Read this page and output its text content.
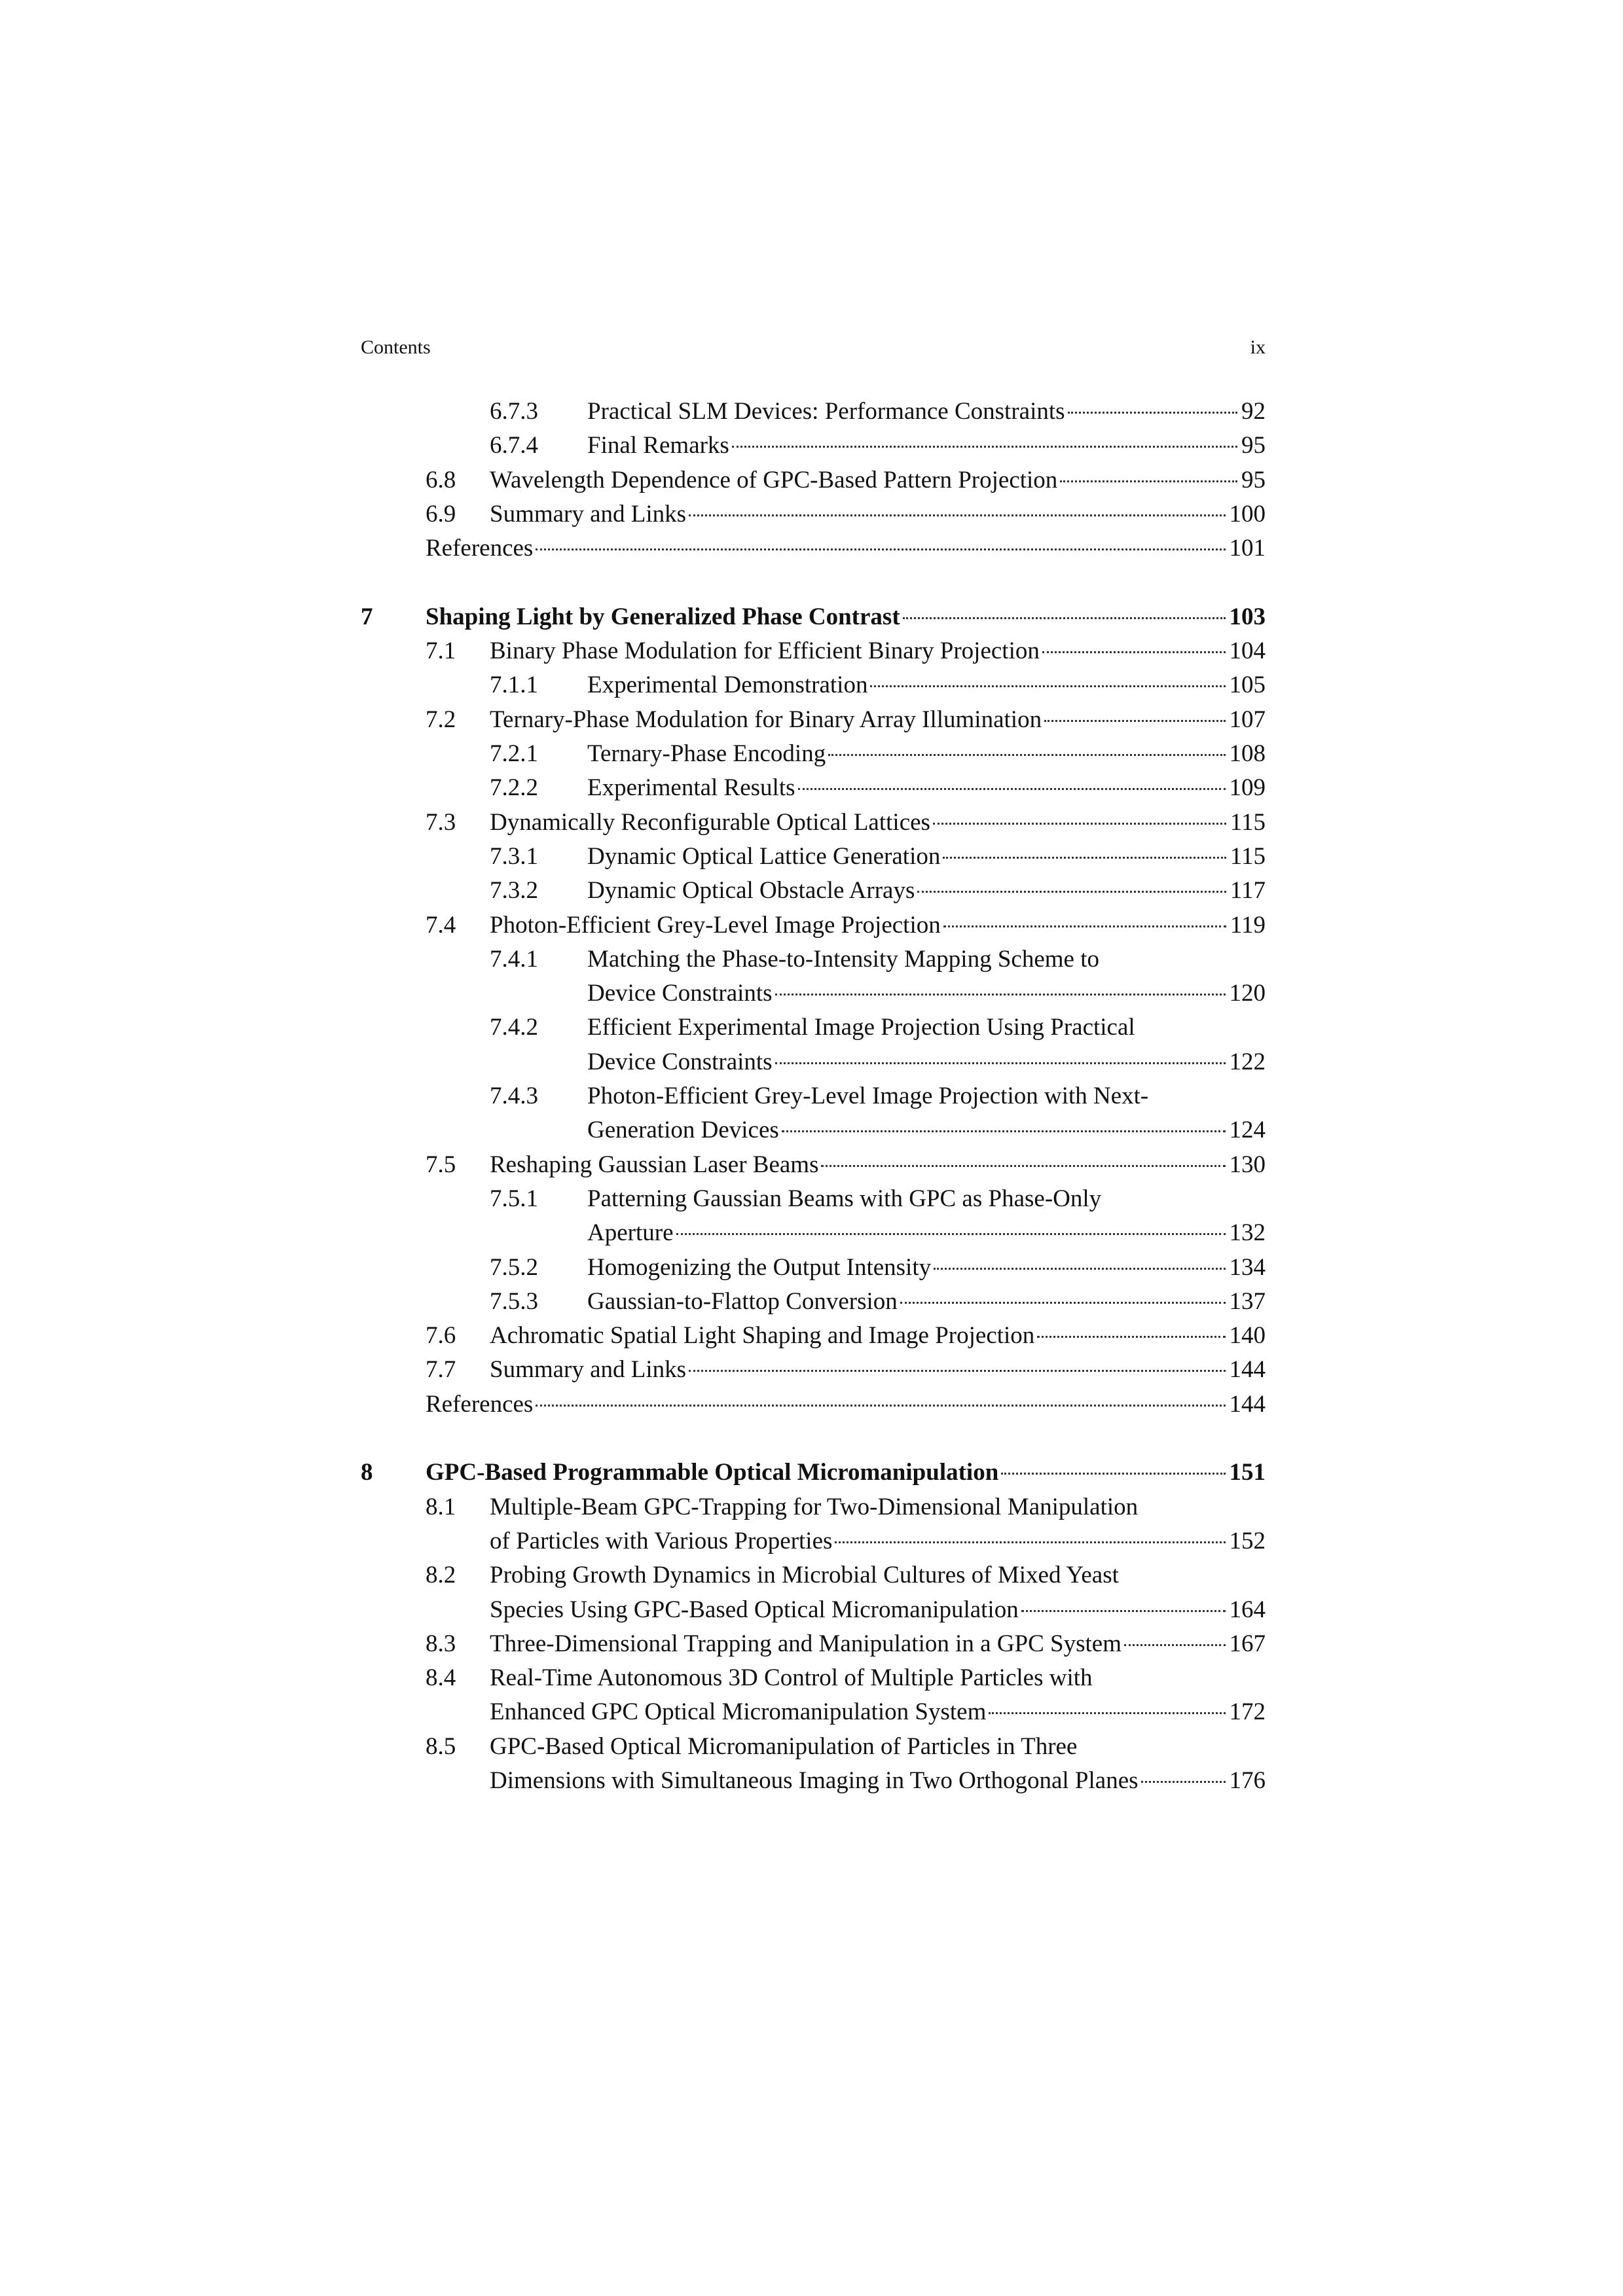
Contents	ix
6.7.3 Practical SLM Devices: Performance Constraints	92
6.7.4 Final Remarks	95
6.8 Wavelength Dependence of GPC-Based Pattern Projection	95
6.9 Summary and Links	100
References	101
7 Shaping Light by Generalized Phase Contrast	103
7.1 Binary Phase Modulation for Efficient Binary Projection	104
7.1.1 Experimental Demonstration	105
7.2 Ternary-Phase Modulation for Binary Array Illumination	107
7.2.1 Ternary-Phase Encoding	108
7.2.2 Experimental Results	109
7.3 Dynamically Reconfigurable Optical Lattices	115
7.3.1 Dynamic Optical Lattice Generation	115
7.3.2 Dynamic Optical Obstacle Arrays	117
7.4 Photon-Efficient Grey-Level Image Projection	119
7.4.1 Matching the Phase-to-Intensity Mapping Scheme to
Device Constraints	120
7.4.2 Efficient Experimental Image Projection Using Practical
Device Constraints	122
7.4.3 Photon-Efficient Grey-Level Image Projection with Next-
Generation Devices	124
7.5 Reshaping Gaussian Laser Beams	130
7.5.1 Patterning Gaussian Beams with GPC as Phase-Only
Aperture	132
7.5.2 Homogenizing the Output Intensity	134
7.5.3 Gaussian-to-Flattop Conversion	137
7.6 Achromatic Spatial Light Shaping and Image Projection	140
7.7 Summary and Links	144
References	144
8 GPC-Based Programmable Optical Micromanipulation	151
8.1 Multiple-Beam GPC-Trapping for Two-Dimensional Manipulation
of Particles with Various Properties	152
8.2 Probing Growth Dynamics in Microbial Cultures of Mixed Yeast
Species Using GPC-Based Optical Micromanipulation	164
8.3 Three-Dimensional Trapping and Manipulation in a GPC System	167
8.4 Real-Time Autonomous 3D Control of Multiple Particles with
Enhanced GPC Optical Micromanipulation System	172
8.5 GPC-Based Optical Micromanipulation of Particles in Three
Dimensions with Simultaneous Imaging in Two Orthogonal Planes	176
